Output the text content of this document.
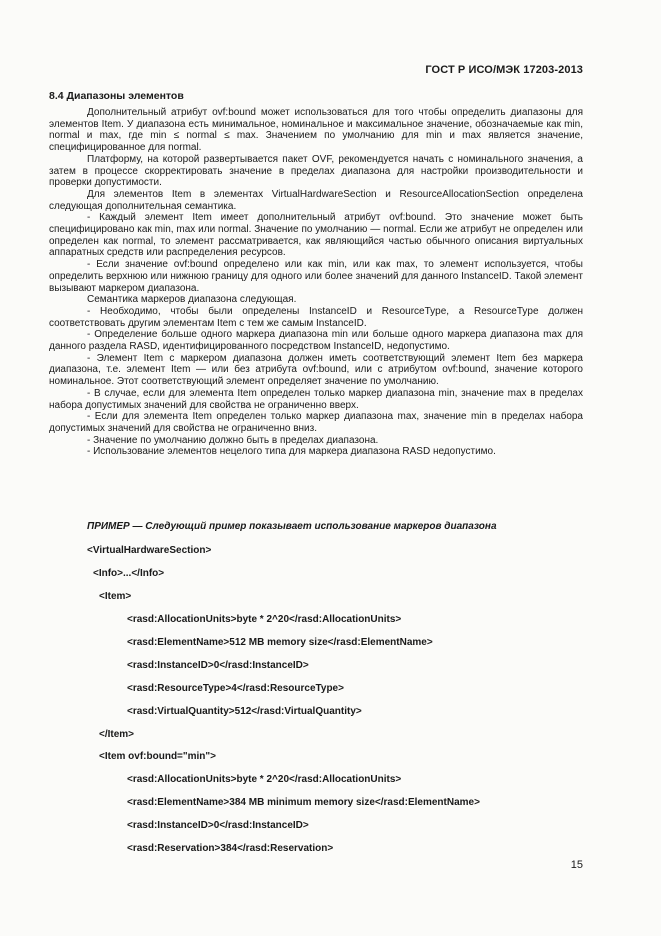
ГОСТ Р ИСО/МЭК 17203-2013
8.4 Диапазоны элементов

Дополнительный атрибут ovf:bound может использоваться для того чтобы определить диапазоны для элементов Item. У диапазона есть минимальное, номинальное и максимальное значение, обозначаемые как min, normal и max, где min ≤ normal ≤ max. Значением по умолчанию для min и max является значение, специфицированное для normal.

Платформу, на которой развертывается пакет OVF, рекомендуется начать с номинального значения, а затем в процессе скорректировать значение в пределах диапазона для настройки производительности и проверки допустимости.

Для элементов Item в элементах VirtualHardwareSection и ResourceAllocationSection определена следующая дополнительная семантика.

- Каждый элемент Item имеет дополнительный атрибут ovf:bound. Это значение может быть специфицировано как min, max или normal. Значение по умолчанию — normal. Если же атрибут не определен или определен как normal, то элемент рассматривается, как являющийся частью обычного описания виртуальных аппаратных средств или распределения ресурсов.

- Если значение ovf:bound определено или как min, или как max, то элемент используется, чтобы определить верхнюю или нижнюю границу для одного или более значений для данного InstanceID. Такой элемент вызывают маркером диапазона.

Семантика маркеров диапазона следующая.

- Необходимо, чтобы были определены InstanceID и ResourceType, а ResourceType должен соответствовать другим элементам Item с тем же самым InstanceID.

- Определение больше одного маркера диапазона min или больше одного маркера диапазона max для данного раздела RASD, идентифицированного посредством InstanceID, недопустимо.

- Элемент Item с маркером диапазона должен иметь соответствующий элемент Item без маркера диапазона, т.е. элемент Item — или без атрибута ovf:bound, или с атрибутом ovf:bound, значение которого номинальное. Этот соответствующий элемент определяет значение по умолчанию.

- В случае, если для элемента Item определен только маркер диапазона min, значение max в пределах набора допустимых значений для свойства не ограниченно вверх.

- Если для элемента Item определен только маркер диапазона max, значение min в пределах набора допустимых значений для свойства не ограниченно вниз.

- Значение по умолчанию должно быть в пределах диапазона.

- Использование элементов нецелого типа для маркера диапазона RASD недопустимо.

ПРИМЕР — Следующий пример показывает использование маркеров диапазона
<VirtualHardwareSection>
<Info>...</Info>
<Item>
<rasd:AllocationUnits>byte * 2^20</rasd:AllocationUnits>
<rasd:ElementName>512 MB memory size</rasd:ElementName>
<rasd:InstanceID>0</rasd:InstanceID>
<rasd:ResourceType>4</rasd:ResourceType>
<rasd:VirtualQuantity>512</rasd:VirtualQuantity>
</Item>
<Item ovf:bound="min">
<rasd:AllocationUnits>byte * 2^20</rasd:AllocationUnits>
<rasd:ElementName>384 MB minimum memory size</rasd:ElementName>
<rasd:InstanceID>0</rasd:InstanceID>
<rasd:Reservation>384</rasd:Reservation>
15
